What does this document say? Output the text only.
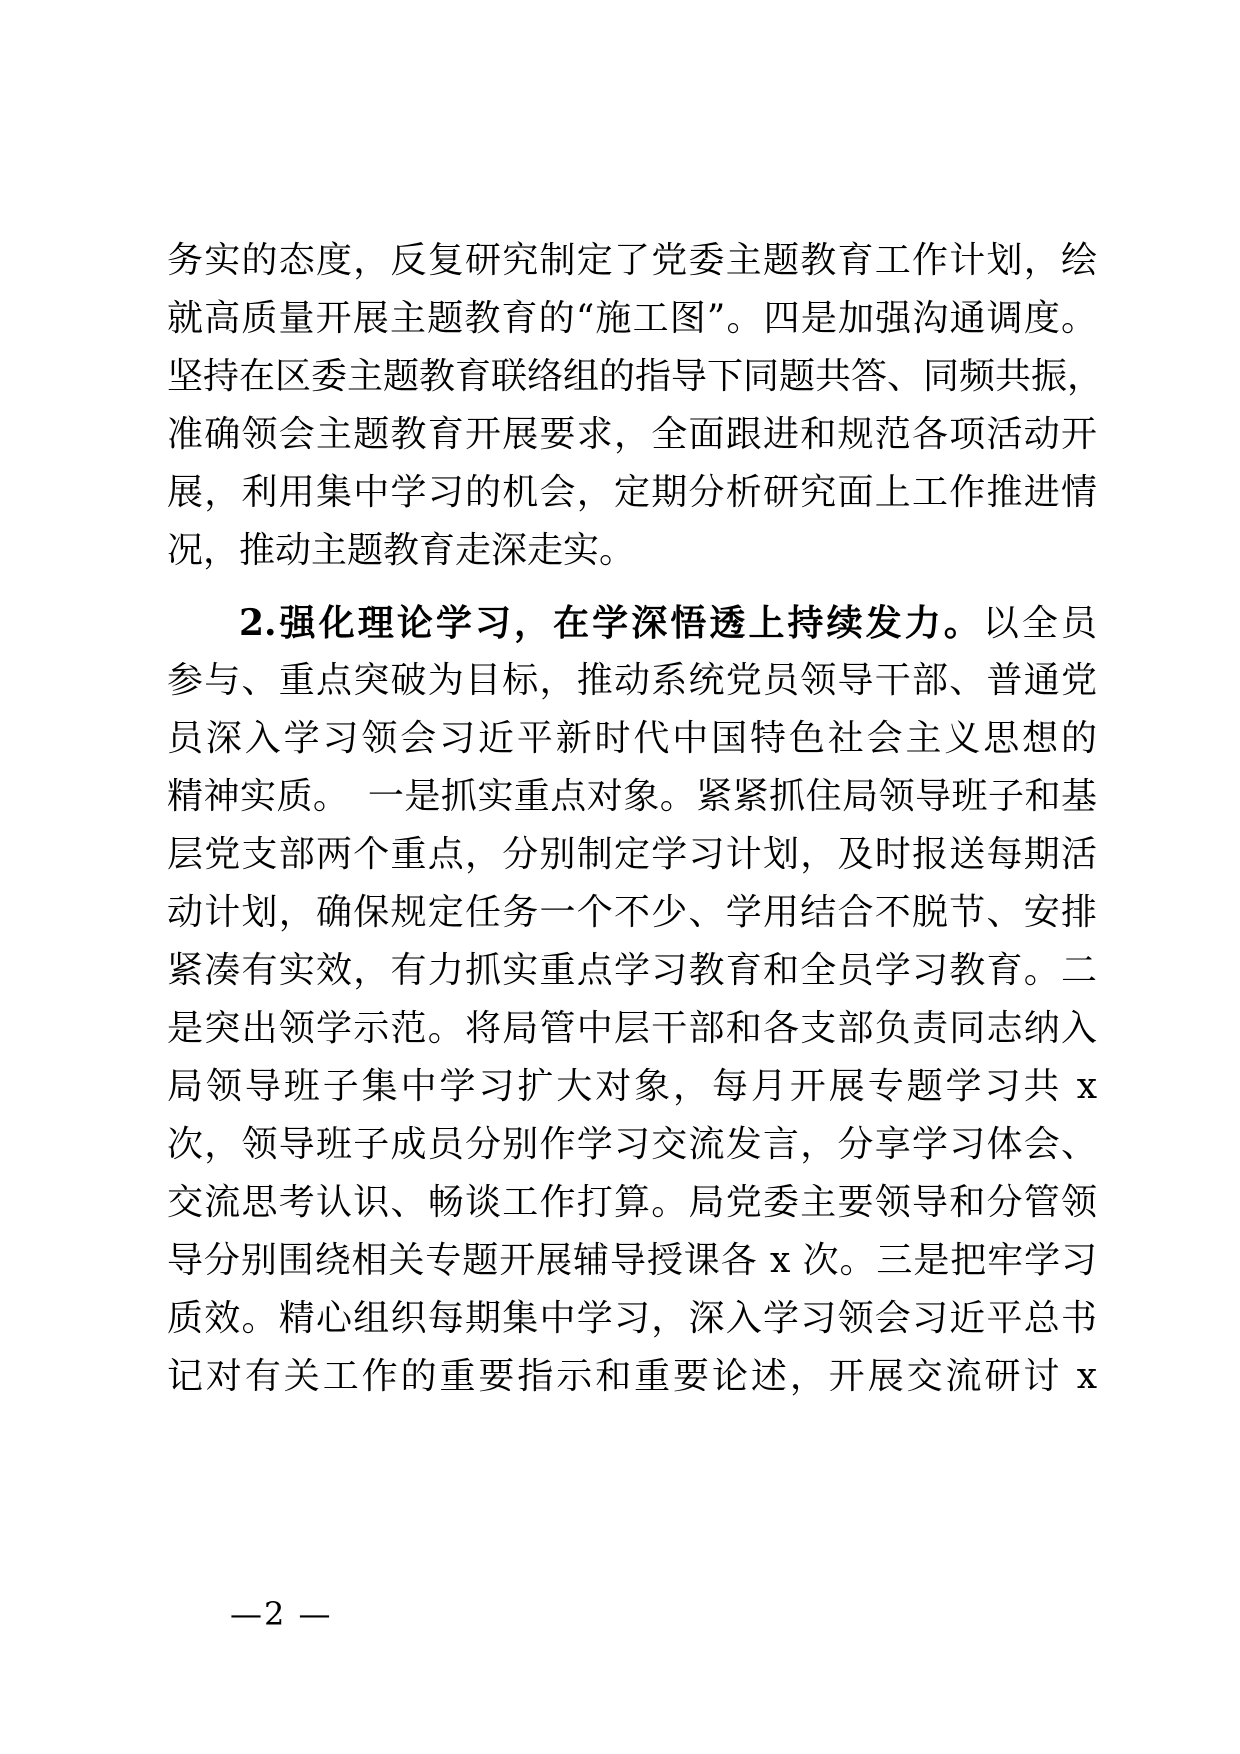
务实的态度，反复研究制定了党委主题教育工作计划，绘
就高质量开展主题教育的“施工图”。四是加强沟通调度。
坚持在区委主题教育联络组的指导下同题共答、同频共振，
准确领会主题教育开展要求，全面跟进和规范各项活动开
展，利用集中学习的机会，定期分析研究面上工作推进情
况，推动主题教育走深走实。
2.强化理论学习，在学深悟透上持续发力。以全员
参与、重点突破为目标，推动系统党员领导干部、普通党
员深入学习领会习近平新时代中国特色社会主义思想的
精神实质。　一是抓实重点对象。紧紧抓住局领导班子和基
层党支部两个重点，分别制定学习计划，及时报送每期活
动计划，确保规定任务一个不少、学用结合不脱节、安排
紧凑有实效，有力抓实重点学习教育和全员学习教育。二
是突出领学示范。将局管中层干部和各支部负责同志纳入
局领导班子集中学习扩大对象，每月开展专题学习共 x
次，领导班子成员分别作学习交流发言，分享学习体会、
交流思考认识、畅谈工作打算。局党委主要领导和分管领
导分别围绕相关专题开展辅导授课各 x 次。三是把牢学习
质效。精心组织每期集中学习，深入学习领会习近平总书
记对有关工作的重要指示和重要论述，开展交流研讨 x
—2 —
